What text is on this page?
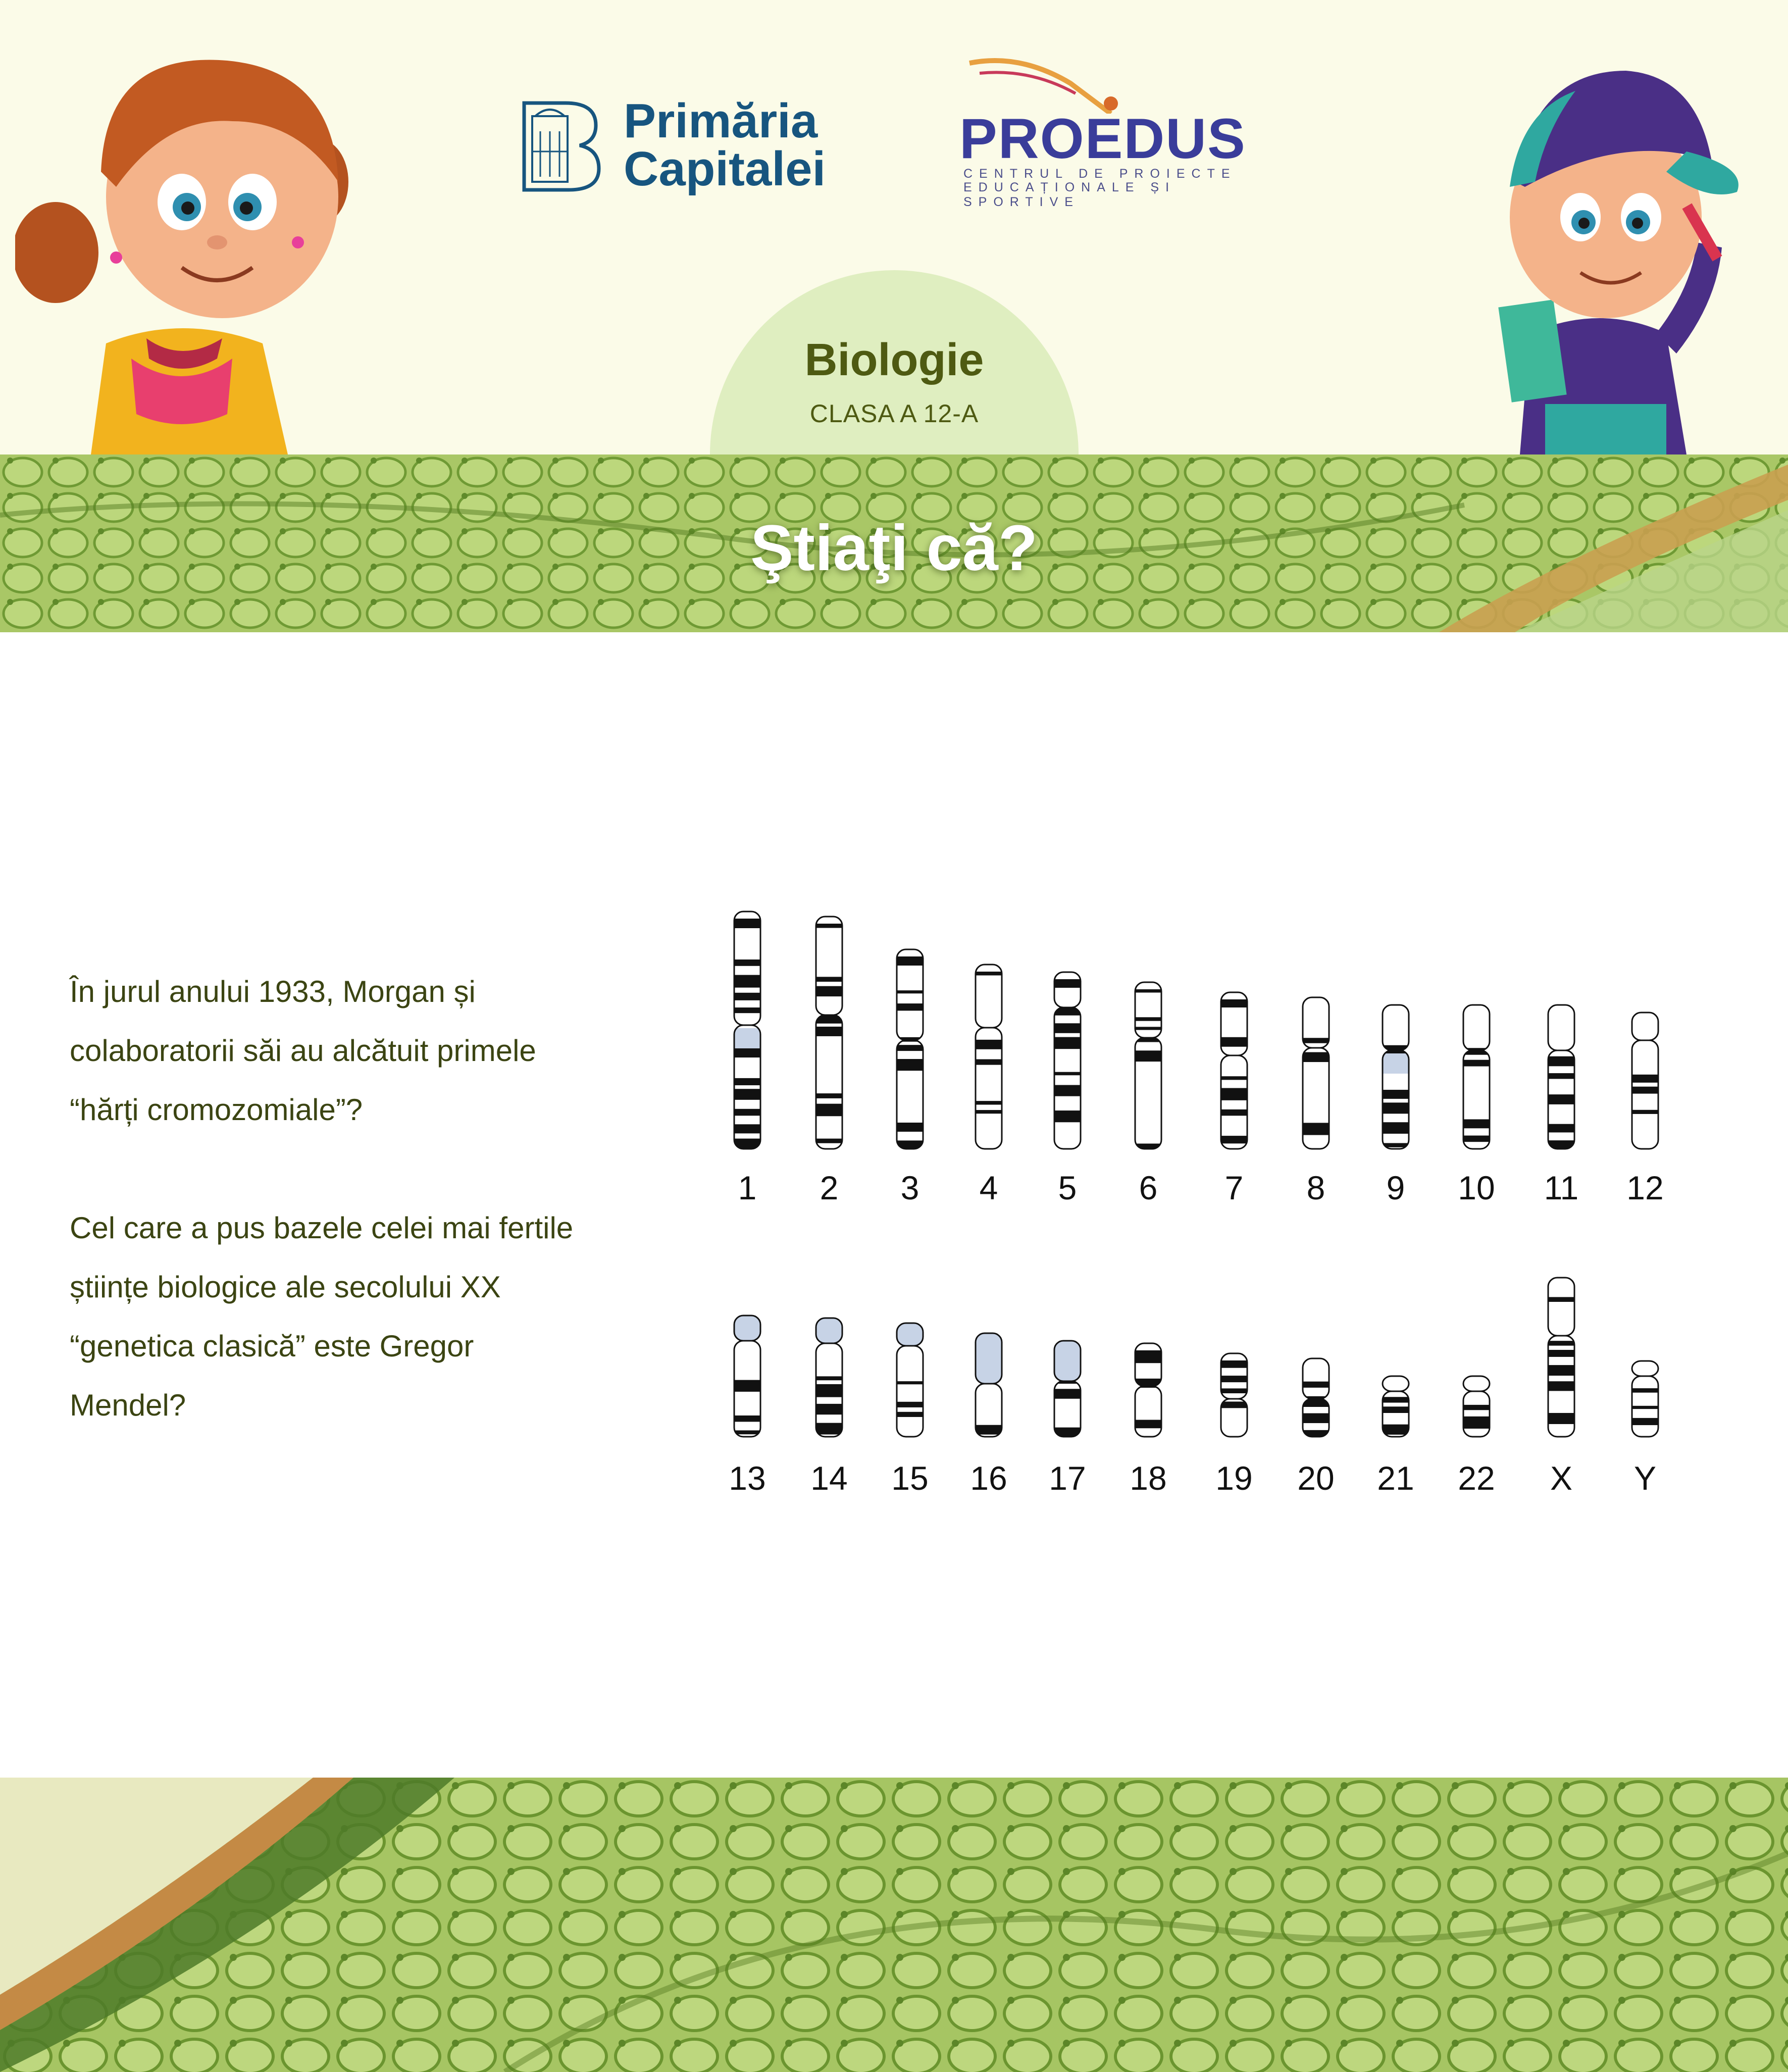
Primăria
Capitalei PROEDUS
CENTRUL DE PROIECTE
EDUCAȚIONALE ȘI SPORTIVE
Biologie
CLASA A 12-A
Ştiaţi că?

În jurul anului 1933, Morgan și colaboratorii săi au alcătuit primele “hărți cromozomiale”?

Cel care a pus bazele celei mai fertile științe biologice ale secolului XX “genetica clasică” este Gregor Mendel?

1 2 3 4 5 6 7 8 9 10 11 12
13 14 15 16 17 18 19 20 21 22 X Y
